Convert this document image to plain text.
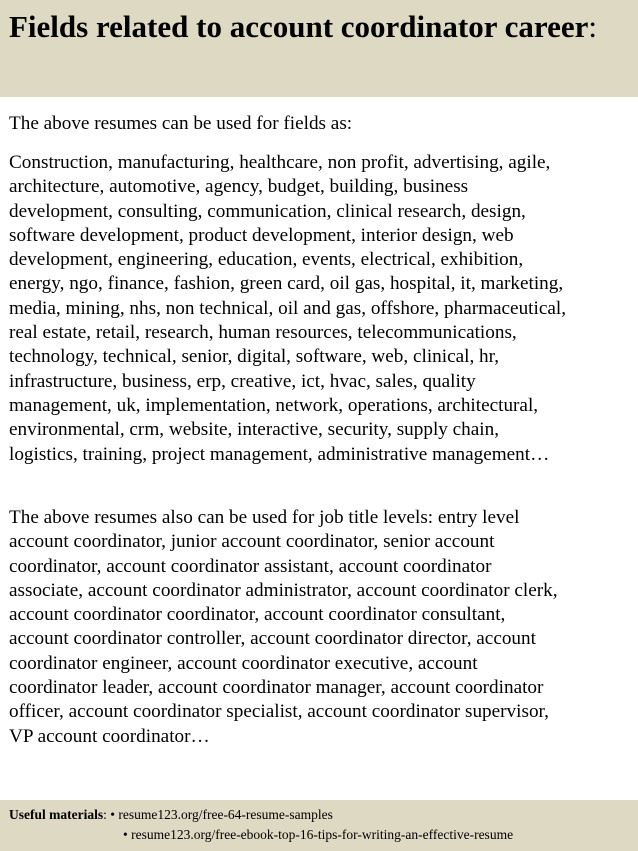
Fields related to account coordinator career:

The above resumes can be used for fields as:

Construction, manufacturing, healthcare, non profit, advertising, agile,
architecture, automotive, agency, budget, building, business
development, consulting, communication, clinical research, design,
software development, product development, interior design, web
development, engineering, education, events, electrical, exhibition,
energy, ngo, finance, fashion, green card, oil gas, hospital, it, marketing,
media, mining, nhs, non technical, oil and gas, offshore, pharmaceutical,
real estate, retail, research, human resources, telecommunications,
technology, technical, senior, digital, software, web, clinical, hr,
infrastructure, business, erp, creative, ict, hvac, sales, quality
management, uk, implementation, network, operations, architectural,
environmental, crm, website, interactive, security, supply chain,
logistics, training, project management, administrative management…
The above resumes also can be used for job title levels: entry level
account coordinator, junior account coordinator, senior account
coordinator, account coordinator assistant, account coordinator
associate, account coordinator administrator, account coordinator clerk,
account coordinator coordinator, account coordinator consultant,
account coordinator controller, account coordinator director, account
coordinator engineer, account coordinator executive, account
coordinator leader, account coordinator manager, account coordinator
officer, account coordinator specialist, account coordinator supervisor,
VP account coordinator…
Useful materials: • resume123.org/free-64-resume-samples
• resume123.org/free-ebook-top-16-tips-for-writing-an-effective-resume
